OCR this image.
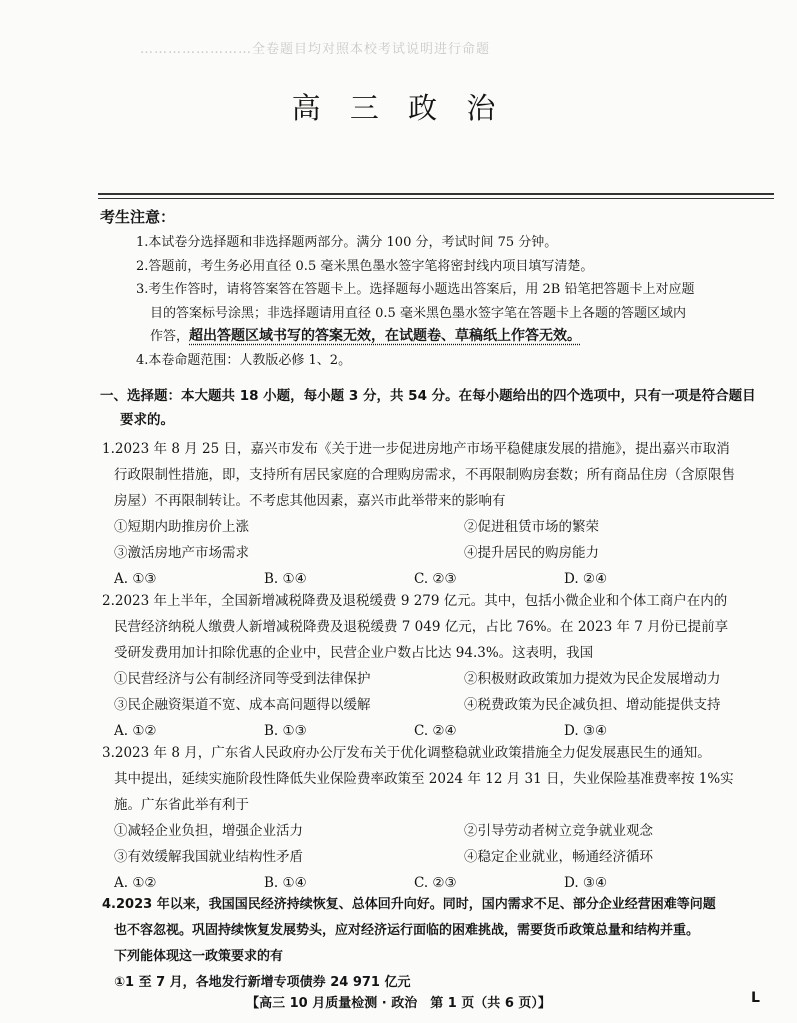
……………………全卷题目均对照本校考试说明进行命题
高 三 政 治
考生注意：
1.本试卷分选择题和非选择题两部分。满分 100 分，考试时间 75 分钟。
2.答题前，考生务必用直径 0.5 毫米黑色墨水签字笔将密封线内项目填写清楚。
3.考生作答时，请将答案答在答题卡上。选择题每小题选出答案后，用 2B 铅笔把答题卡上对应题
目的答案标号涂黑；非选择题请用直径 0.5 毫米黑色墨水签字笔在答题卡上各题的答题区域内
作答，超出答题区域书写的答案无效，在试题卷、草稿纸上作答无效。
4.本卷命题范围：人教版必修 1、2。
一、选择题：本大题共 18 小题，每小题 3 分，共 54 分。在每小题给出的四个选项中，只有一项是符合题目
要求的。
1.2023 年 8 月 25 日，嘉兴市发布《关于进一步促进房地产市场平稳健康发展的措施》，提出嘉兴市取消
行政限制性措施，即，支持所有居民家庭的合理购房需求，不再限制购房套数；所有商品住房（含原限售
房屋）不再限制转让。不考虑其他因素，嘉兴市此举带来的影响有
①短期内助推房价上涨	②促进租赁市场的繁荣
③激活房地产市场需求	④提升居民的购房能力
A. ①③	B. ①④	C. ②③	D. ②④
2.2023 年上半年，全国新增减税降费及退税缓费 9 279 亿元。其中，包括小微企业和个体工商户在内的
民营经济纳税人缴费人新增减税降费及退税缓费 7 049 亿元，占比 76%。在 2023 年 7 月份已提前享
受研发费用加计扣除优惠的企业中，民营企业户数占比达 94.3%。这表明，我国
①民营经济与公有制经济同等受到法律保护	②积极财政政策加力提效为民企发展增动力
③民企融资渠道不宽、成本高问题得以缓解	④税费政策为民企减负担、增动能提供支持
A. ①②	B. ①③	C. ②④	D. ③④
3.2023 年 8 月，广东省人民政府办公厅发布关于优化调整稳就业政策措施全力促发展惠民生的通知。
其中提出，延续实施阶段性降低失业保险费率政策至 2024 年 12 月 31 日，失业保险基准费率按 1%实
施。广东省此举有利于
①减轻企业负担，增强企业活力	②引导劳动者树立竞争就业观念
③有效缓解我国就业结构性矛盾	④稳定企业就业，畅通经济循环
A. ①②	B. ①④	C. ②③	D. ③④
4.2023 年以来，我国国民经济持续恢复、总体回升向好。同时，国内需求不足、部分企业经营困难等问题
也不容忽视。巩固持续恢复发展势头，应对经济运行面临的困难挑战，需要货币政策总量和结构并重。
下列能体现这一政策要求的有
①1 至 7 月，各地发行新增专项债券 24 971 亿元
【高三 10 月质量检测 · 政治　第 1 页（共 6 页）】	L
